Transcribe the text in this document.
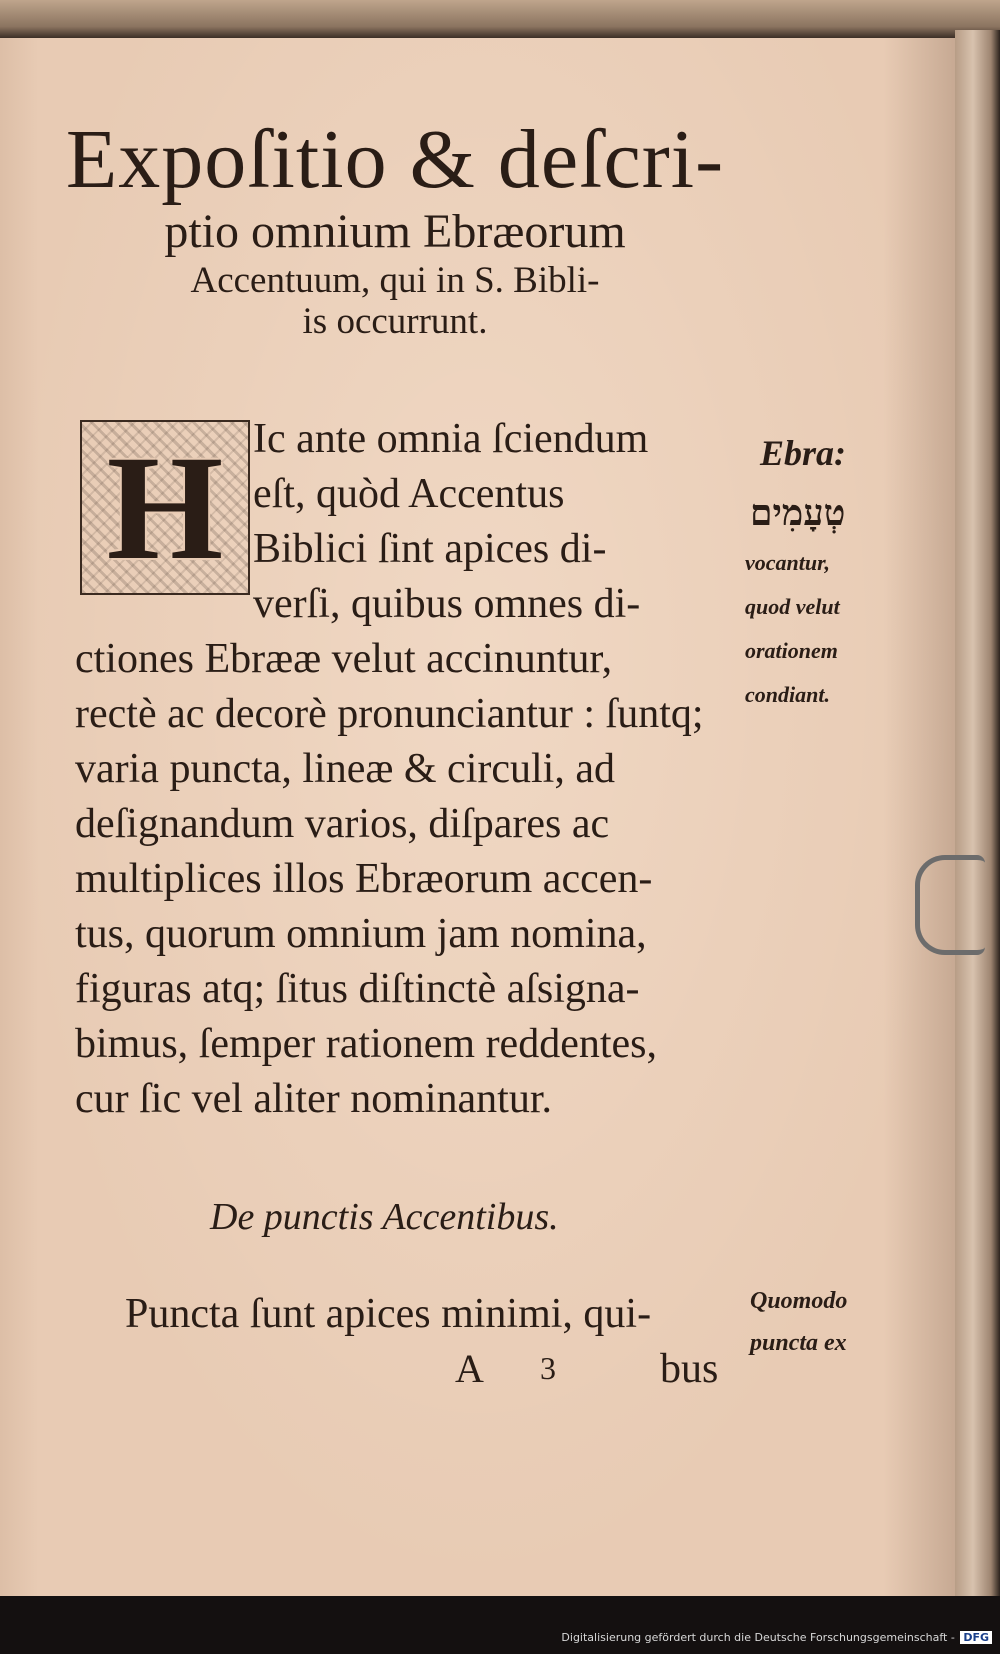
Expoſitio & deſcri-
ptio omnium Ebræorum
Accentuum, qui in S. Bibli-
is occurrunt.
H Ic ante omnia ſciendum
eſt, quòd Accentus
Biblici ſint apices di-
verſi, quibus omnes di-
ctiones Ebrææ velut accinuntur,
rectè ac decorè pronunciantur : ſuntq;
varia puncta, lineæ & circuli, ad
deſignandum varios, diſpares ac
multiplices illos Ebræorum accen-
tus, quorum omnium jam nomina,
figuras atq; ſitus diſtinctè aſsigna-
bimus, ſemper rationem reddentes,
cur ſic vel aliter nominantur.
De punctis Accentibus.
Puncta ſunt apices minimi, qui-
A 3 bus
Ebra:
טְעָמִים
vocantur,
quod velut
orationem
condiant.
Quomodo
puncta ex
Digitalisierung gefördert durch die Deutsche Forschungsgemeinschaft - DFG
